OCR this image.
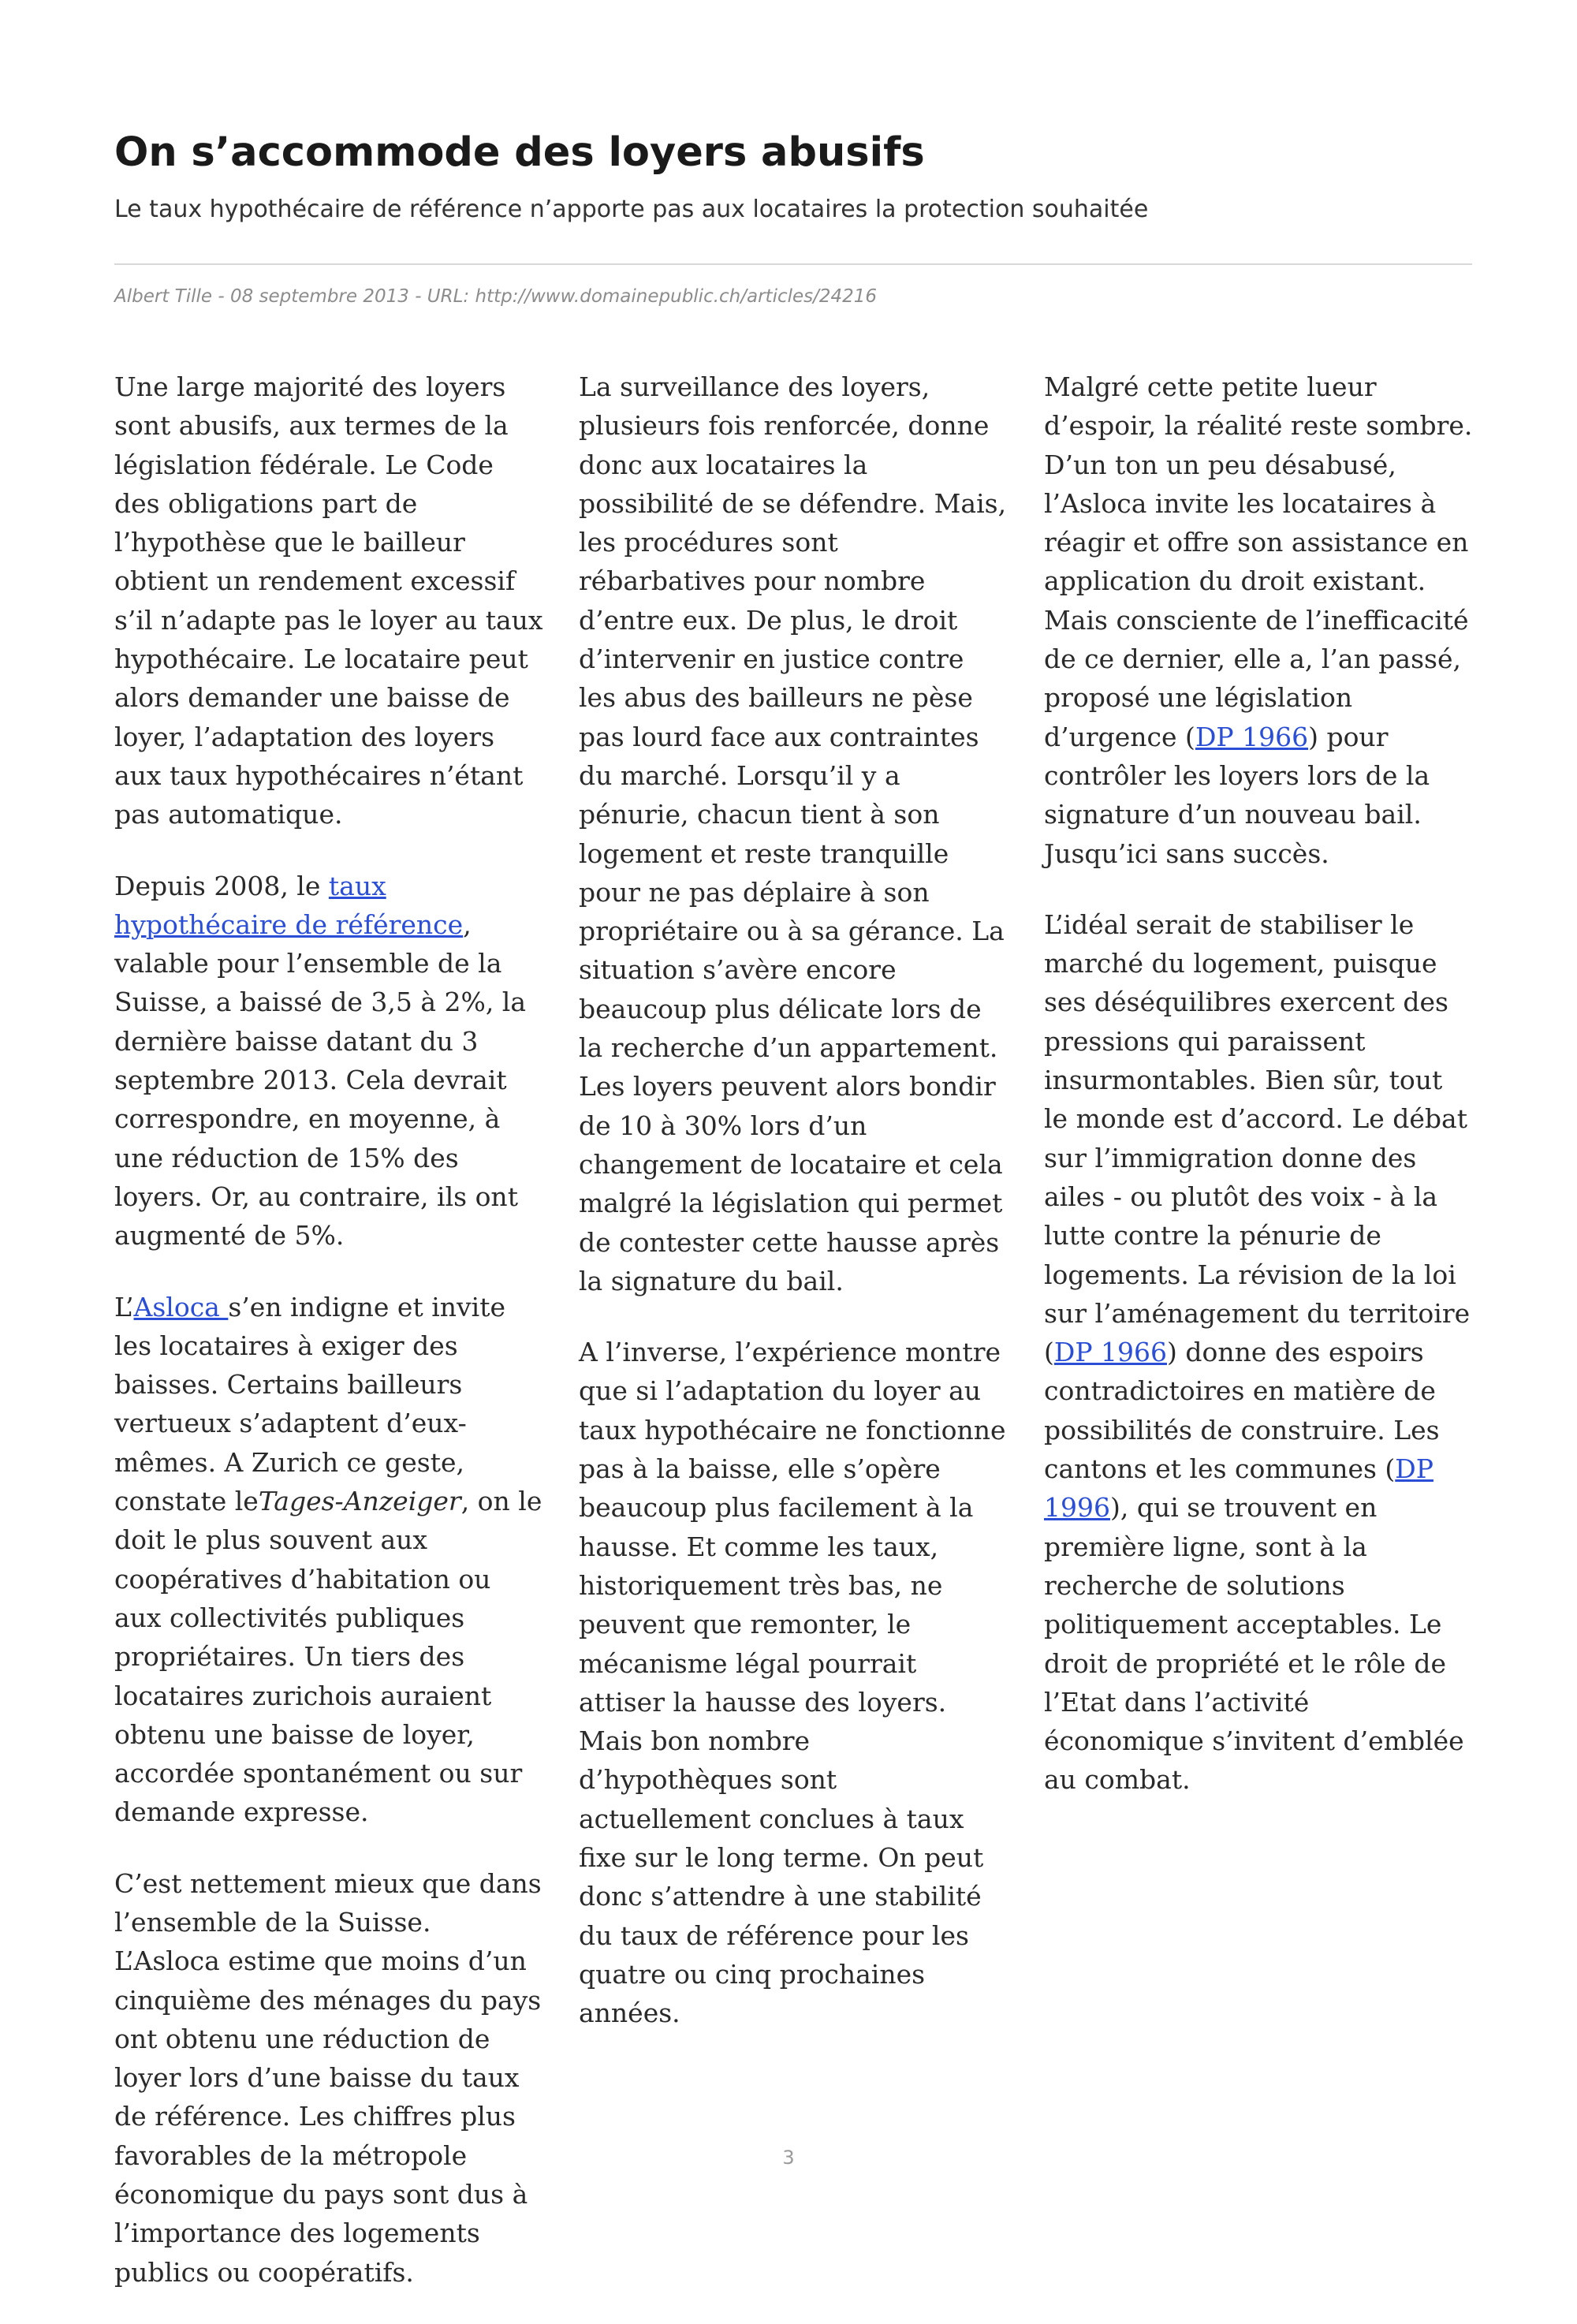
On s’accommode des loyers abusifs

Le taux hypothécaire de référence n’apporte pas aux locataires la protection souhaitée

Albert Tille - 08 septembre 2013 - URL: http://www.domainepublic.ch/articles/24216

Une large majorité des loyers sont abusifs, aux termes de la législation fédérale. Le Code des obligations part de l’hypothèse que le bailleur obtient un rendement excessif s’il n’adapte pas le loyer au taux hypothécaire. Le locataire peut alors demander une baisse de loyer, l’adaptation des loyers aux taux hypothécaires n’étant pas automatique.

Depuis 2008, le taux hypothécaire de référence, valable pour l’ensemble de la Suisse, a baissé de 3,5 à 2%, la dernière baisse datant du 3 septembre 2013. Cela devrait correspondre, en moyenne, à une réduction de 15% des loyers. Or, au contraire, ils ont augmenté de 5%.

L’Asloca s’en indigne et invite les locataires à exiger des baisses. Certains bailleurs vertueux s’adaptent d’eux-mêmes. A Zurich ce geste, constate leTages-Anzeiger, on le doit le plus souvent aux coopératives d’habitation ou aux collectivités publiques propriétaires. Un tiers des locataires zurichois auraient obtenu une baisse de loyer, accordée spontanément ou sur demande expresse.

C’est nettement mieux que dans l’ensemble de la Suisse. L’Asloca estime que moins d’un cinquième des ménages du pays ont obtenu une réduction de loyer lors d’une baisse du taux de référence. Les chiffres plus favorables de la métropole économique du pays sont dus à l’importance des logements publics ou coopératifs.

La surveillance des loyers, plusieurs fois renforcée, donne donc aux locataires la possibilité de se défendre. Mais, les procédures sont rébarbatives pour nombre d’entre eux. De plus, le droit d’intervenir en justice contre les abus des bailleurs ne pèse pas lourd face aux contraintes du marché. Lorsqu’il y a pénurie, chacun tient à son logement et reste tranquille pour ne pas déplaire à son propriétaire ou à sa gérance. La situation s’avère encore beaucoup plus délicate lors de la recherche d’un appartement. Les loyers peuvent alors bondir de 10 à 30% lors d’un changement de locataire et cela malgré la législation qui permet de contester cette hausse après la signature du bail.

A l’inverse, l’expérience montre que si l’adaptation du loyer au taux hypothécaire ne fonctionne pas à la baisse, elle s’opère beaucoup plus facilement à la hausse. Et comme les taux, historiquement très bas, ne peuvent que remonter, le mécanisme légal pourrait attiser la hausse des loyers. Mais bon nombre d’hypothèques sont actuellement conclues à taux fixe sur le long terme. On peut donc s’attendre à une stabilité du taux de référence pour les quatre ou cinq prochaines années.

Malgré cette petite lueur d’espoir, la réalité reste sombre. D’un ton un peu désabusé, l’Asloca invite les locataires à réagir et offre son assistance en application du droit existant. Mais consciente de l’inefficacité de ce dernier, elle a, l’an passé, proposé une législation d’urgence (DP 1966) pour contrôler les loyers lors de la signature d’un nouveau bail. Jusqu’ici sans succès.

L’idéal serait de stabiliser le marché du logement, puisque ses déséquilibres exercent des pressions qui paraissent insurmontables. Bien sûr, tout le monde est d’accord. Le débat sur l’immigration donne des ailes - ou plutôt des voix - à la lutte contre la pénurie de logements. La révision de la loi sur l’aménagement du territoire (DP 1966) donne des espoirs contradictoires en matière de possibilités de construire. Les cantons et les communes (DP 1996), qui se trouvent en première ligne, sont à la recherche de solutions politiquement acceptables. Le droit de propriété et le rôle de l’Etat dans l’activité économique s’invitent d’emblée au combat.

3
